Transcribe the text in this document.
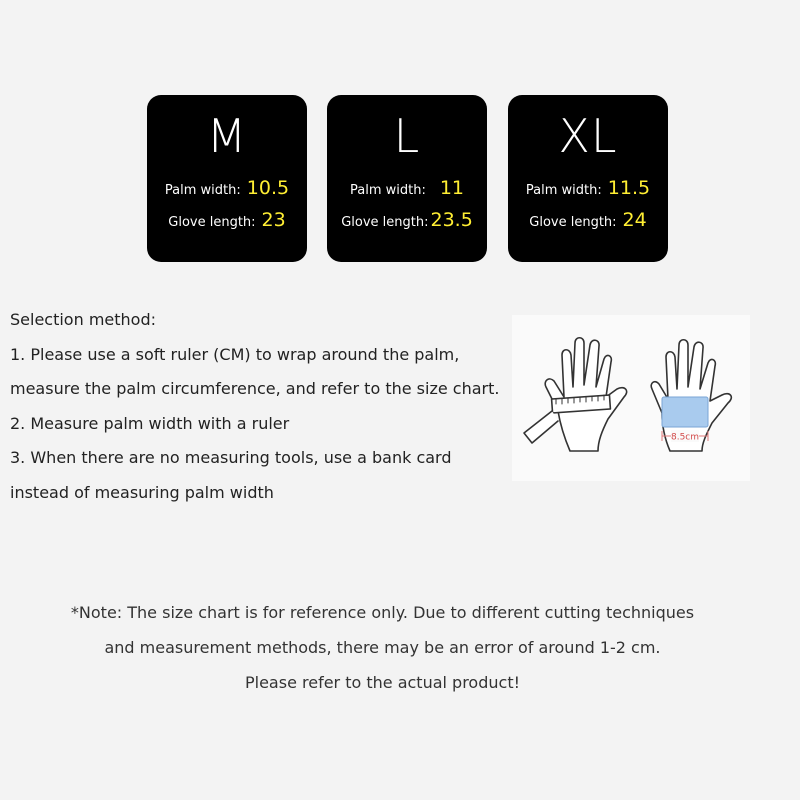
M
Palm width: 10.5
Glove length: 23
L
Palm width: 11
Glove length: 23.5
XL
Palm width: 11.5
Glove length: 24
Selection method:
1. Please use a soft ruler (CM) to wrap around the palm,
measure the palm circumference, and refer to the size chart.
2. Measure palm width with a ruler
3. When there are no measuring tools, use a bank card
instead of measuring palm width
8.5cm
*Note: The size chart is for reference only. Due to different cutting techniques
and measurement methods, there may be an error of around 1-2 cm.
Please refer to the actual product!
